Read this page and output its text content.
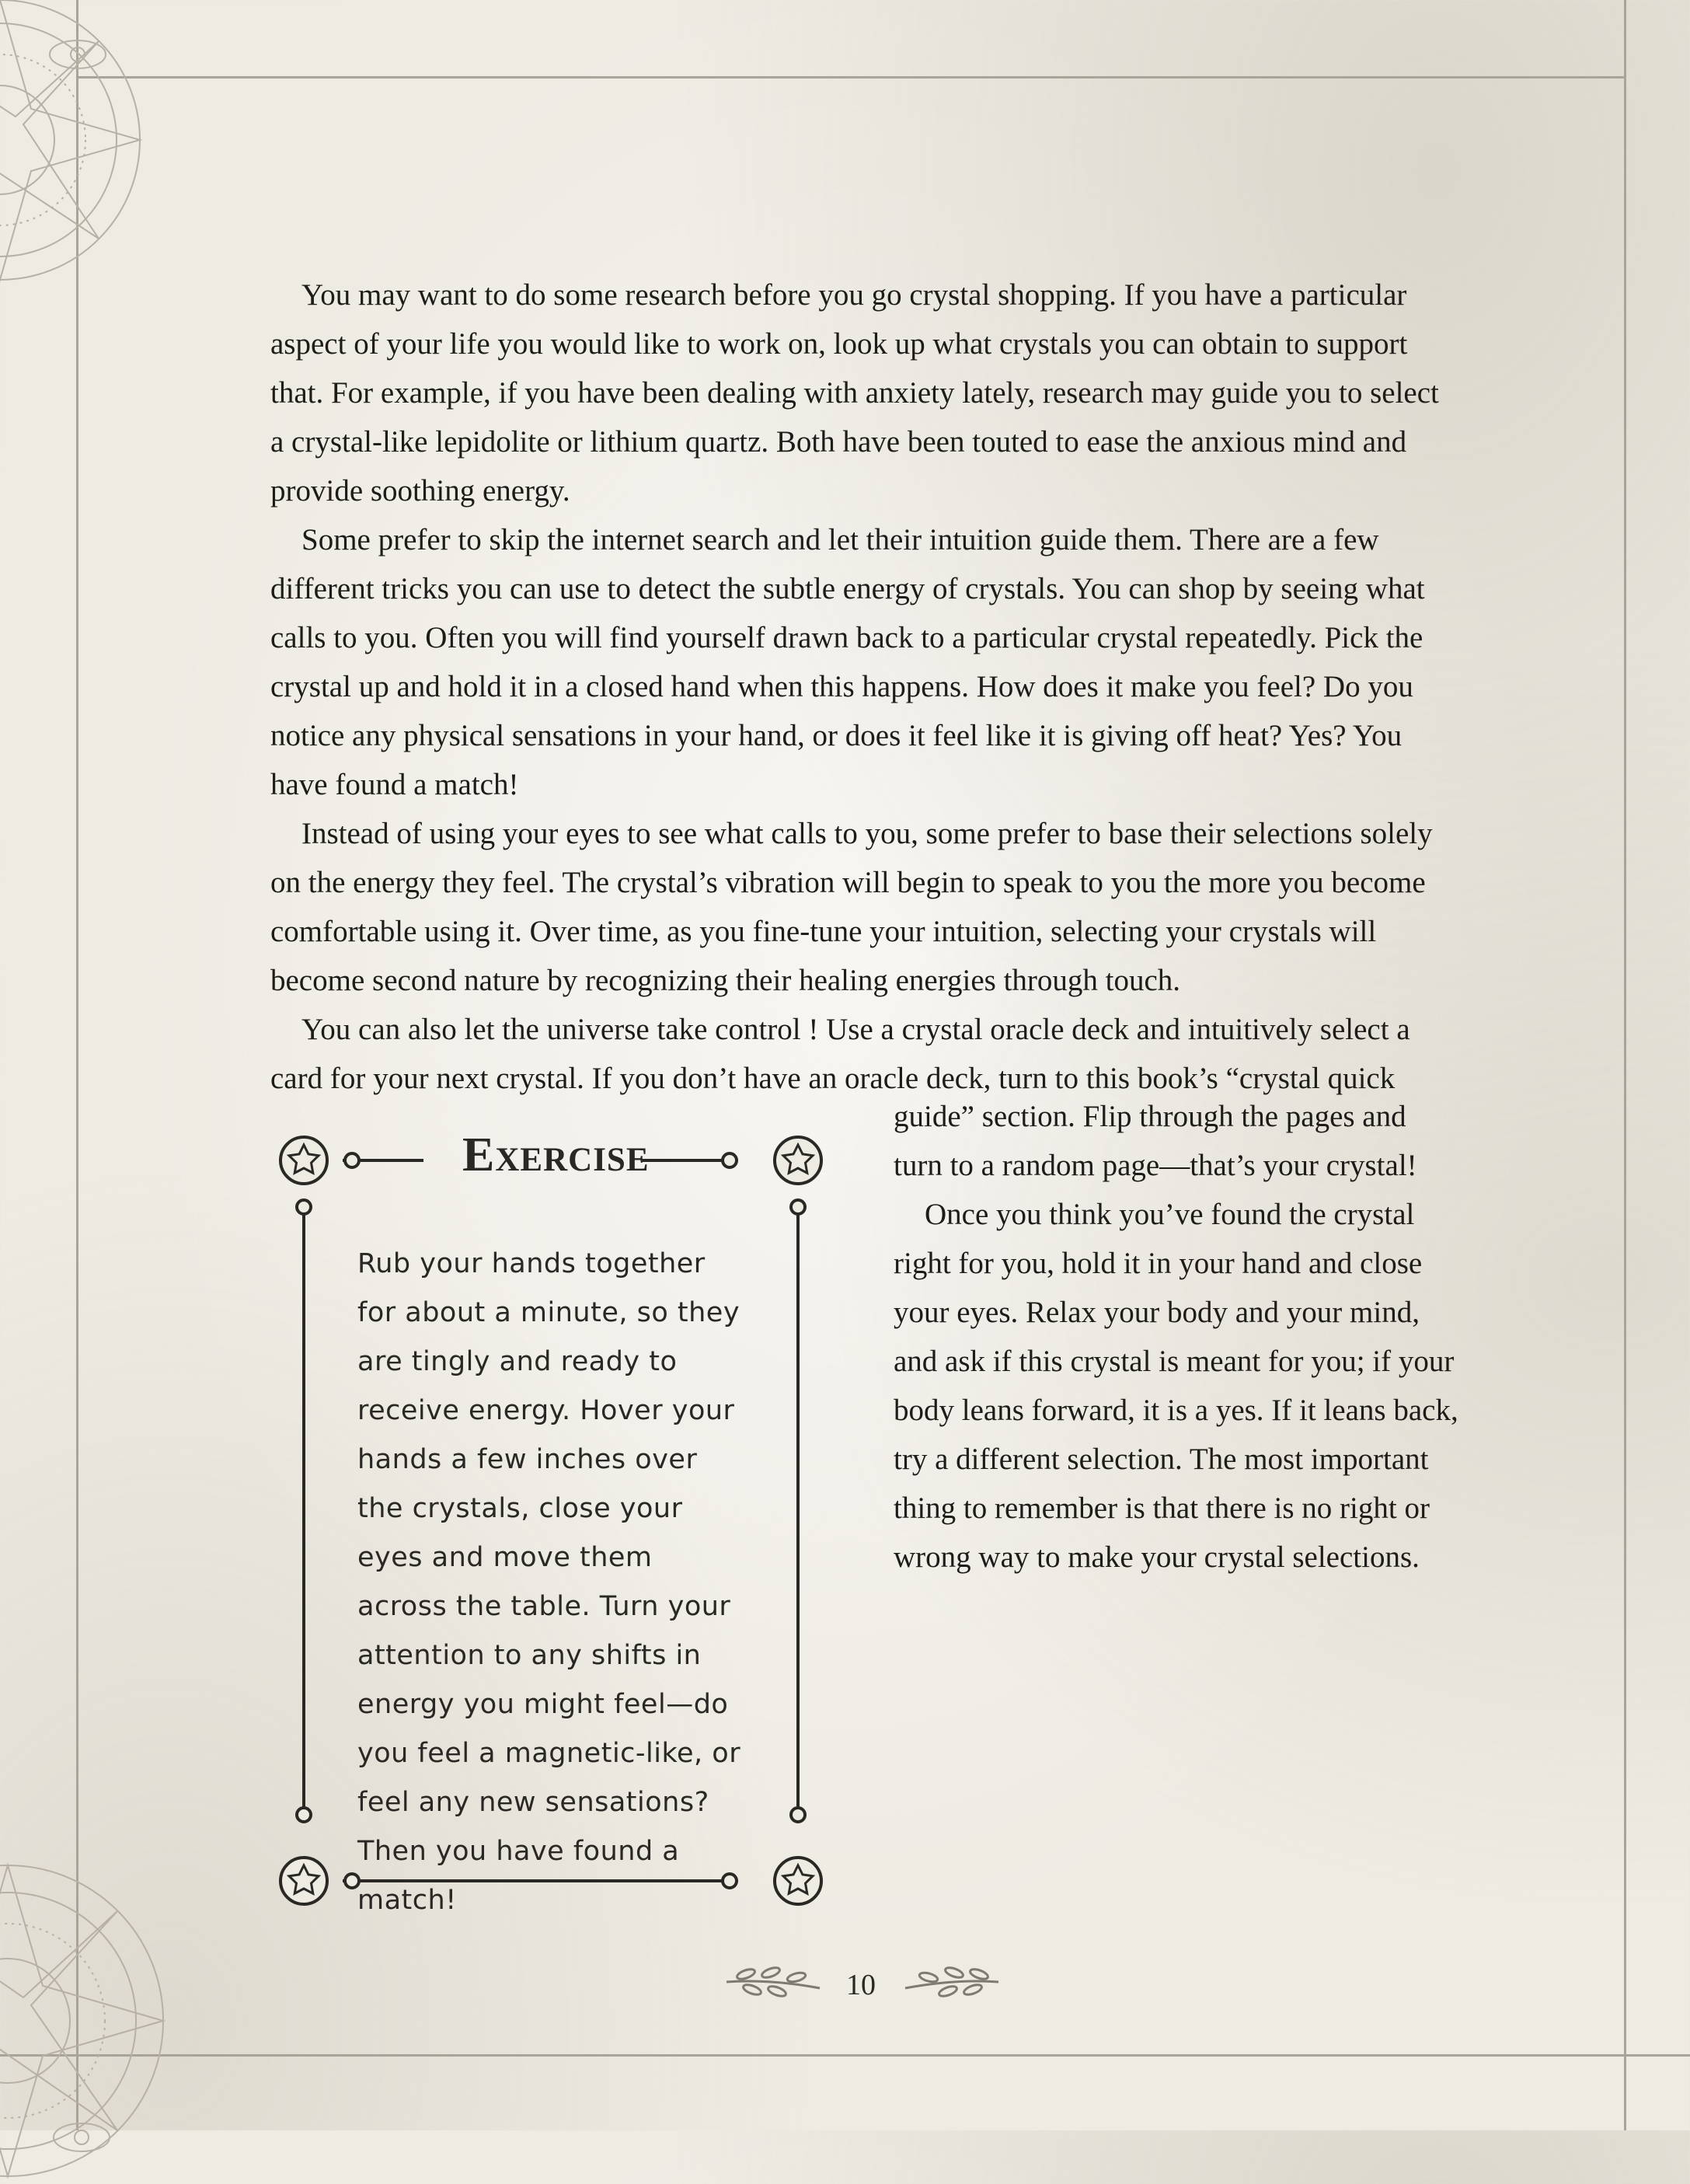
You may want to do some research before you go crystal shopping. If you have a particular aspect of your life you would like to work on, look up what crystals you can obtain to support that. For example, if you have been dealing with anxiety lately, research may guide you to select a crystal-like lepidolite or lithium quartz. Both have been touted to ease the anxious mind and provide soothing energy.

Some prefer to skip the internet search and let their intuition guide them. There are a few different tricks you can use to detect the subtle energy of crystals. You can shop by seeing what calls to you. Often you will find yourself drawn back to a particular crystal repeatedly. Pick the crystal up and hold it in a closed hand when this happens. How does it make you feel? Do you notice any physical sensations in your hand, or does it feel like it is giving off heat? Yes? You have found a match!

Instead of using your eyes to see what calls to you, some prefer to base their selections solely on the energy they feel. The crystal’s vibration will begin to speak to you the more you become comfortable using it. Over time, as you fine-tune your intuition, selecting your crystals will become second nature by recognizing their healing energies through touch.

You can also let the universe take control ! Use a crystal oracle deck and intuitively select a card for your next crystal. If you don’t have an oracle deck, turn to this book’s “crystal quick

guide” section. Flip through the pages and turn to a random page—that’s your crystal!

Once you think you’ve found the crystal right for you, hold it in your hand and close your eyes. Relax your body and your mind, and ask if this crystal is meant for you; if your body leans forward, it is a yes. If it leans back, try a different selection. The most important thing to remember is that there is no right or wrong way to make your crystal selections.

Exercise

Rub your hands together for about a minute, so they are tingly and ready to receive energy. Hover your hands a few inches over the crystals, close your eyes and move them across the table. Turn your attention to any shifts in energy you might feel—do you feel a magnetic-like, or feel any new sensations? Then you have found a match!

10
